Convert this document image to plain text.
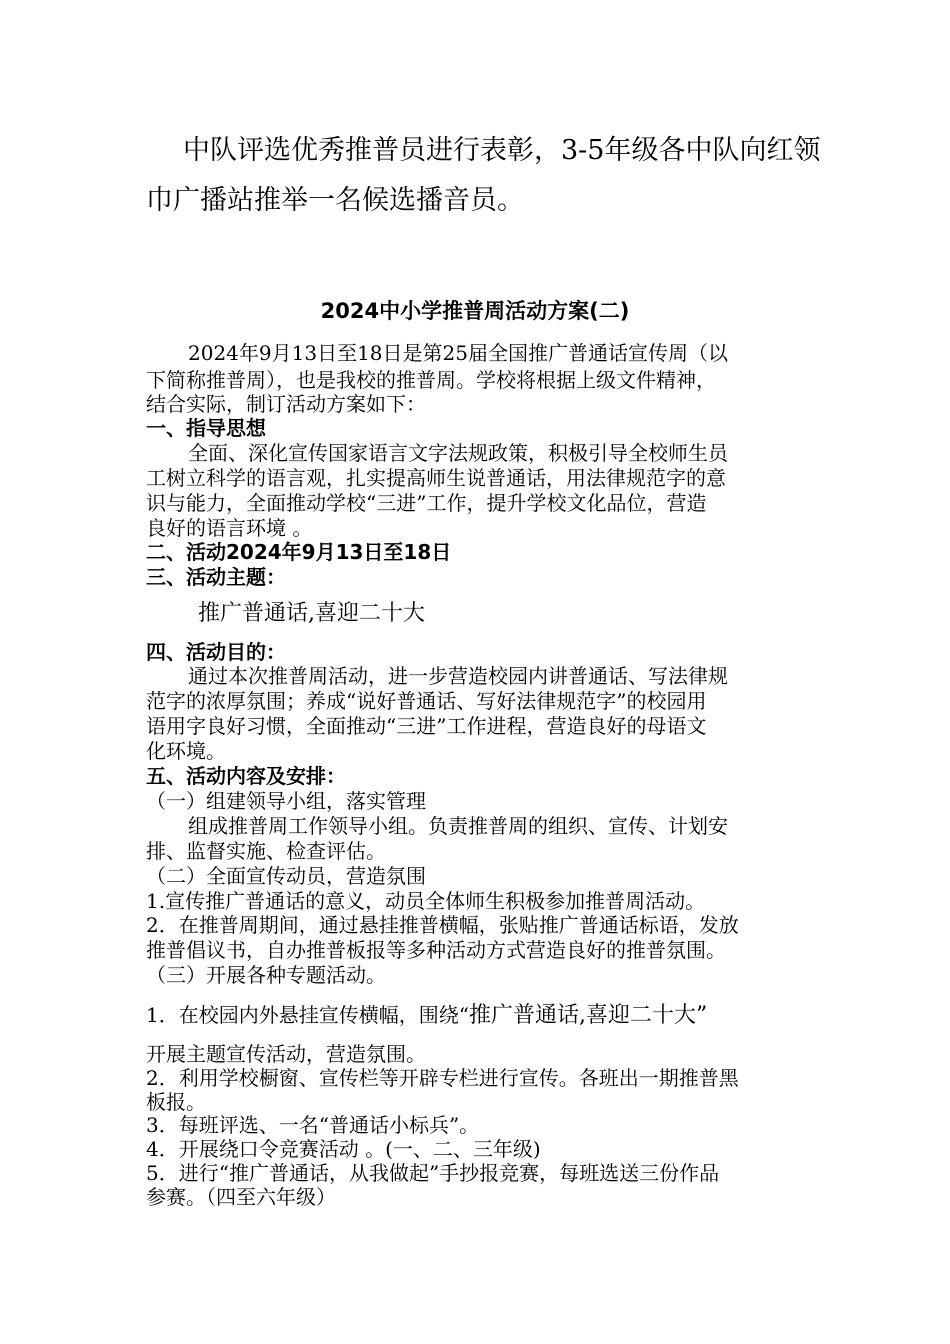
中队评选优秀推普员进行表彰，3-5年级各中队向红领

巾广播站推举一名候选播音员。

2024中小学推普周活动方案(二)

2024年9月13日至18日是第25届全国推广普通话宣传周（以

下简称推普周），也是我校的推普周。学校将根据上级文件精神，

结合实际，制订活动方案如下：

一、指导思想

全面、深化宣传国家语言文字法规政策，积极引导全校师生员

工树立科学的语言观，扎实提高师生说普通话，用法律规范字的意

识与能力，全面推动学校“三进”工作，提升学校文化品位，营造

良好的语言环境 。

二、活动2024年9月13日至18日

三、活动主题：

推广普通话,喜迎二十大

四、活动目的：

通过本次推普周活动，进一步营造校园内讲普通话、写法律规

范字的浓厚氛围；养成“说好普通话、写好法律规范字”的校园用

语用字良好习惯，全面推动“三进”工作进程，营造良好的母语文

化环境。

五、活动内容及安排：

（一）组建领导小组，落实管理

组成推普周工作领导小组。负责推普周的组织、宣传、计划安

排、监督实施、检查评估。

（二）全面宣传动员，营造氛围

1.宣传推广普通话的意义，动员全体师生积极参加推普周活动。

2．在推普周期间，通过悬挂推普横幅，张贴推广普通话标语，发放

推普倡议书，自办推普板报等多种活动方式营造良好的推普氛围。

（三）开展各种专题活动。

1．在校园内外悬挂宣传横幅，围绕“推广普通话,喜迎二十大”

开展主题宣传活动，营造氛围。

2．利用学校橱窗、宣传栏等开辟专栏进行宣传。各班出一期推普黑

板报。

3．每班评选、一名“普通话小标兵”。

4．开展绕口令竞赛活动 。(一、二、三年级)

5．进行“推广普通话，从我做起”手抄报竞赛，每班选送三份作品

参赛。（四至六年级）
